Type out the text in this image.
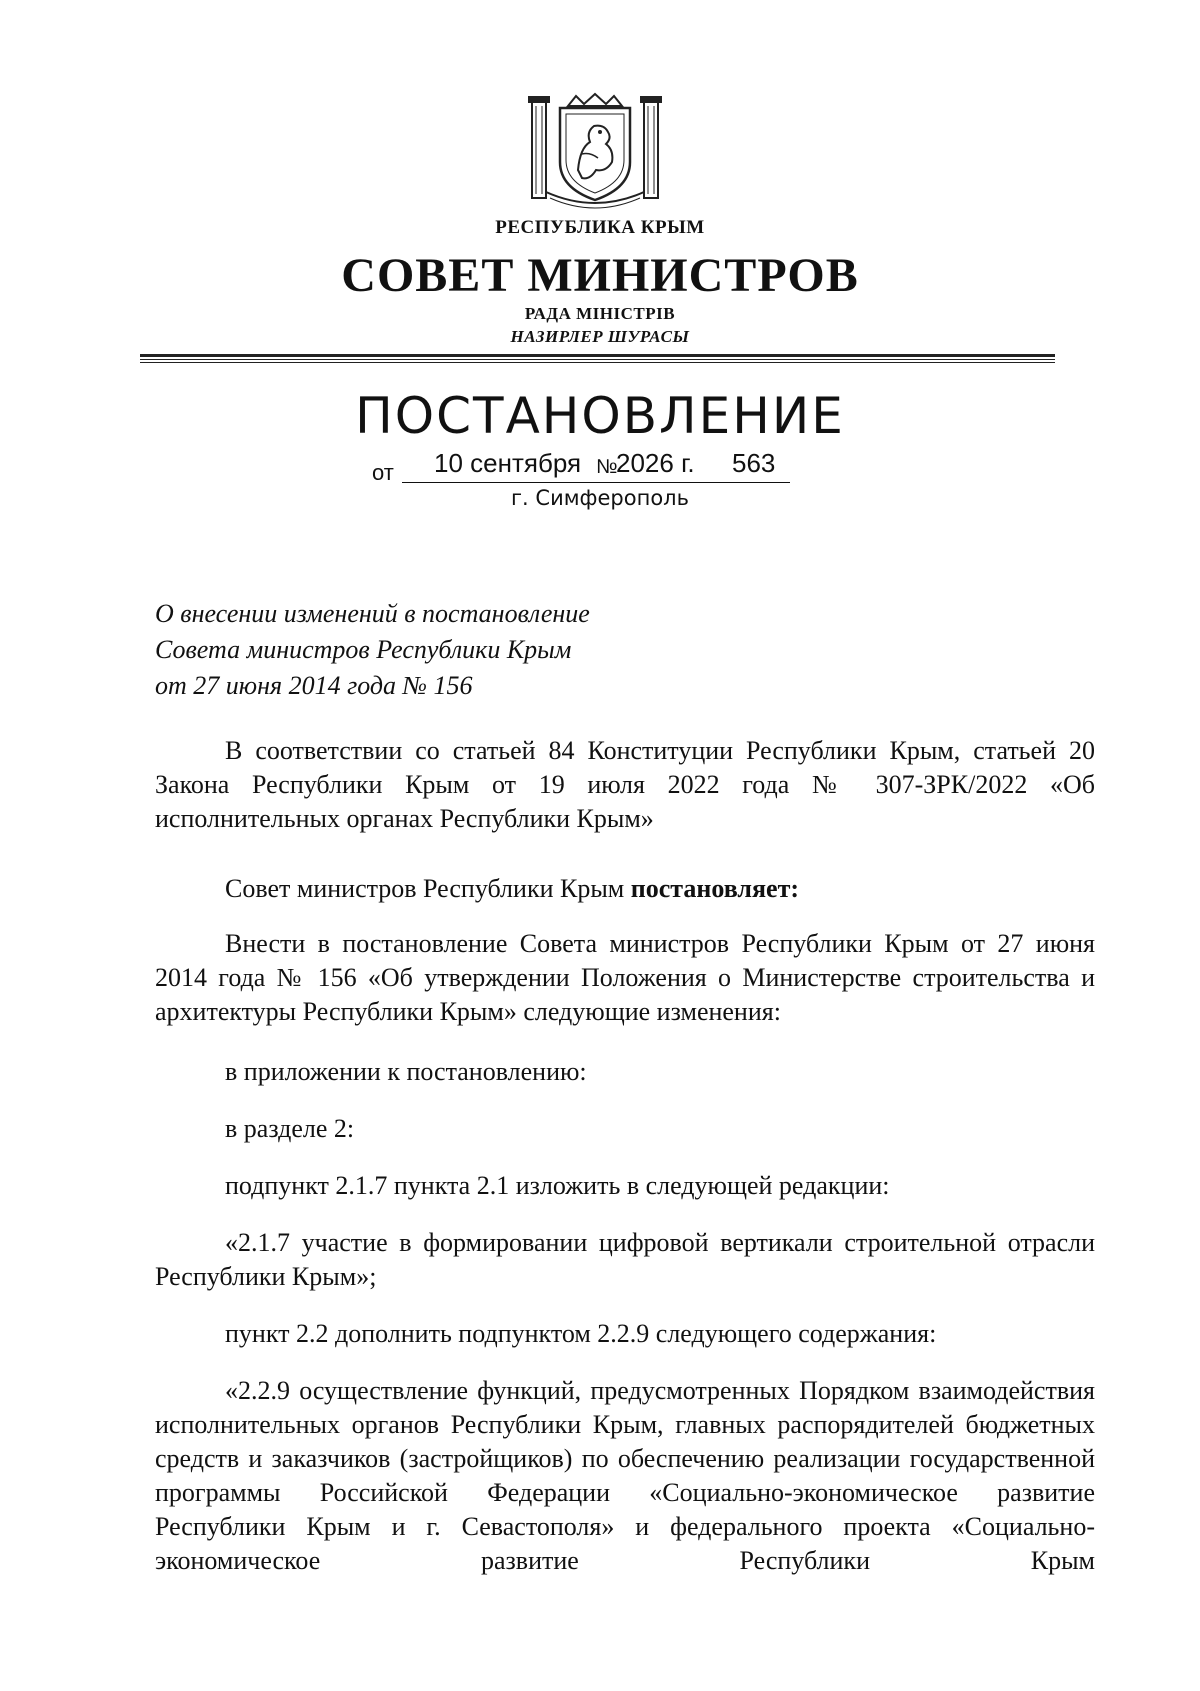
РЕСПУБЛИКА КРЫМ
СОВЕТ МИНИСТРОВ
РАДА МІНІСТРІВ
НАЗИРЛЕР ШУРАСЫ
ПОСТАНОВЛЕНИЕ
от 10 сентября №
2026 г. 563
г. Симферополь
О внесении изменений в постановление
Совета министров Республики Крым
от 27 июня 2014 года № 156

В соответствии со статьей 84 Конституции Республики Крым, статьей 20 Закона Республики Крым от 19 июля 2022 года № 307-ЗРК/2022 «Об исполнительных органах Республики Крым»

Совет министров Республики Крым постановляет:

Внести в постановление Совета министров Республики Крым от 27 июня 2014 года № 156 «Об утверждении Положения о Министерстве строительства и архитектуры Республики Крым» следующие изменения:

в приложении к постановлению:

в разделе 2:

подпункт 2.1.7 пункта 2.1 изложить в следующей редакции:

«2.1.7 участие в формировании цифровой вертикали строительной отрасли Республики Крым»;

пункт 2.2 дополнить подпунктом 2.2.9 следующего содержания:

«2.2.9 осуществление функций, предусмотренных Порядком взаимодействия исполнительных органов Республики Крым, главных распорядителей бюджетных средств и заказчиков (застройщиков) по обеспечению реализации государственной программы Российской Федерации «Социально-экономическое развитие Республики Крым и г. Севастополя» и федерального проекта «Социально-экономическое развитие Республики Крым
